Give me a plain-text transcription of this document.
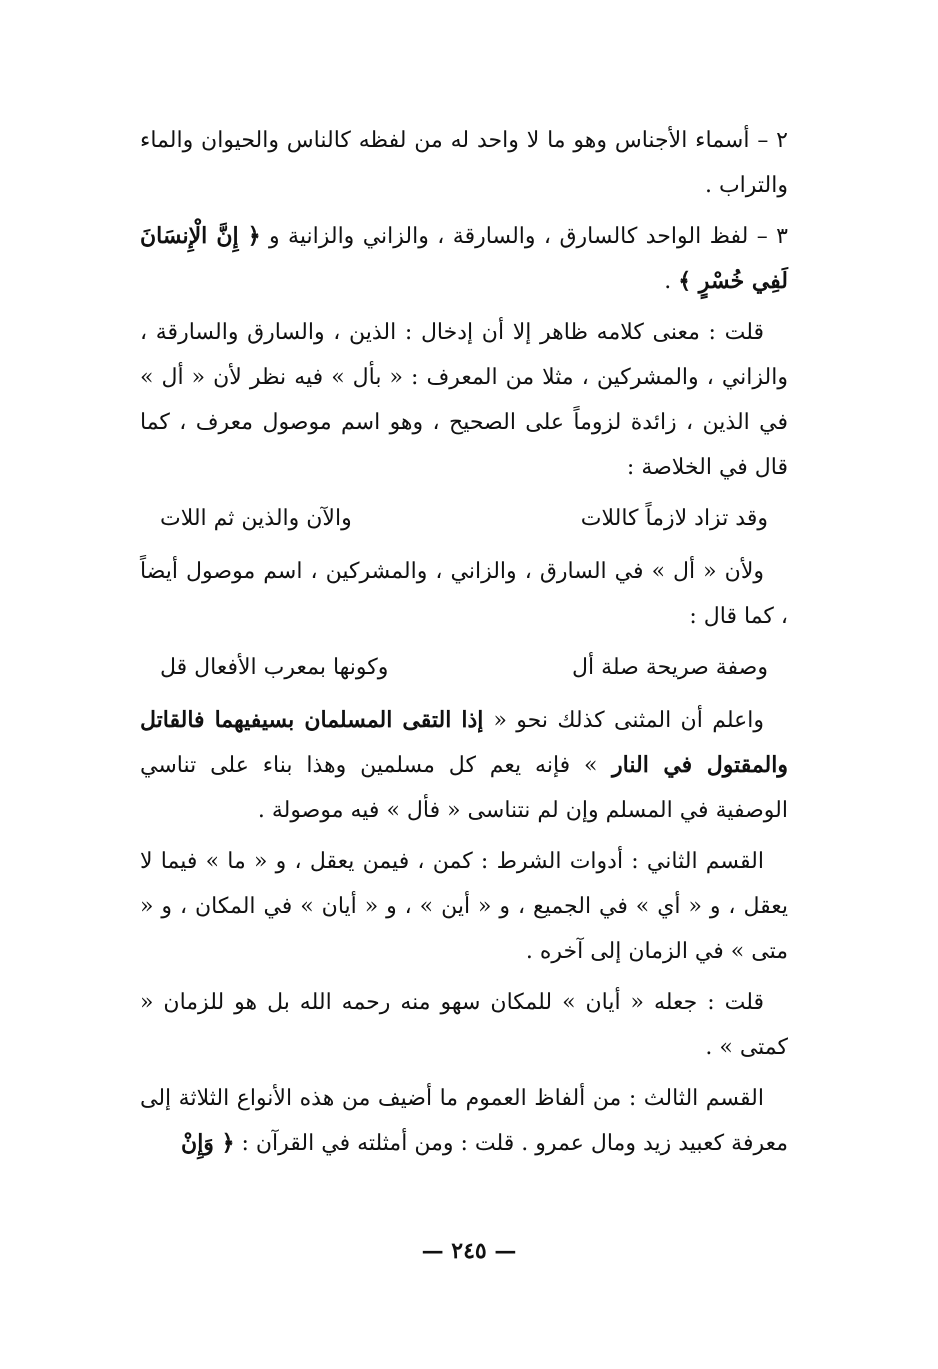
٢ – أسماء الأجناس وهو ما لا واحد له من لفظه كالناس والحيوان والماء والتراب .

٣ – لفظ الواحد كالسارق ، والسارقة ، والزاني والزانية و ﴿ إِنَّ الْإِنسَانَ لَفِي خُسْرٍ ﴾ .

قلت : معنى كلامه ظاهر إلا أن إدخال : الذين ، والسارق والسارقة ، والزاني ، والمشركين ، مثلا من المعرف : « بأل » فيه نظر لأن « أل » في الذين ، زائدة لزوماً على الصحيح ، وهو اسم موصول معرف ، كما قال في الخلاصة :

وقد تزاد لازماً كاللات
والآن والذين ثم اللات

ولأن « أل » في السارق ، والزاني ، والمشركين ، اسم موصول أيضاً ، كما قال :

وصفة صريحة صلة أل
وكونها بمعرب الأفعال قل

واعلم أن المثنى كذلك نحو « إذا التقى المسلمان بسيفيهما فالقاتل والمقتول في النار » فإنه يعم كل مسلمين وهذا بناء على تناسي الوصفية في المسلم وإن لم نتناسى « فأل » فيه موصولة .

القسم الثاني : أدوات الشرط : كمن ، فيمن يعقل ، و « ما » فيما لا يعقل ، و « أي » في الجميع ، و « أين » ، و « أيان » في المكان ، و « متى » في الزمان إلى آخره .

قلت : جعله « أيان » للمكان سهو منه رحمه الله بل هو للزمان « كمتى » .

القسم الثالث : من ألفاظ العموم ما أضيف من هذه الأنواع الثلاثة إلى معرفة كعبيد زيد ومال عمرو . قلت : ومن أمثلته في القرآن : ﴿ وَإِنْ

— ٢٤٥ —
